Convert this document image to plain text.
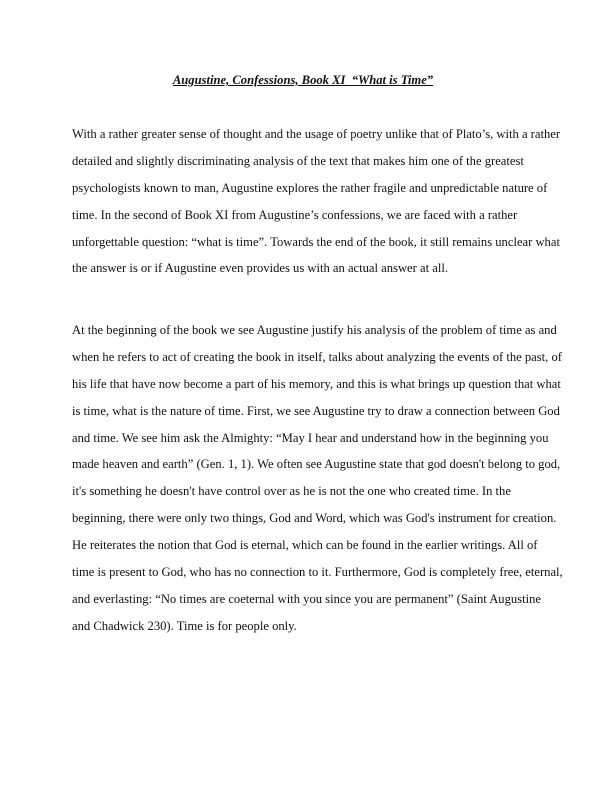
Augustine, Confessions, Book XI  “What is Time”

With a rather greater sense of thought and the usage of poetry unlike that of Plato’s, with a rather
detailed and slightly discriminating analysis of the text that makes him one of the greatest
psychologists known to man, Augustine explores the rather fragile and unpredictable nature of
time. In the second of Book XI from Augustine’s confessions, we are faced with a rather
unforgettable question: “what is time”. Towards the end of the book, it still remains unclear what
the answer is or if Augustine even provides us with an actual answer at all.

At the beginning of the book we see Augustine justify his analysis of the problem of time as and
when he refers to act of creating the book in itself, talks about analyzing the events of the past, of
his life that have now become a part of his memory, and this is what brings up question that what
is time, what is the nature of time. First, we see Augustine try to draw a connection between God
and time. We see him ask the Almighty: “May I hear and understand how in the beginning you
made heaven and earth” (Gen. 1, 1). We often see Augustine state that god doesn't belong to god,
it's something he doesn't have control over as he is not the one who created time. In the
beginning, there were only two things, God and Word, which was God's instrument for creation.
He reiterates the notion that God is eternal, which can be found in the earlier writings. All of
time is present to God, who has no connection to it. Furthermore, God is completely free, eternal,
and everlasting: “No times are coeternal with you since you are permanent” (Saint Augustine
and Chadwick 230). Time is for people only.
